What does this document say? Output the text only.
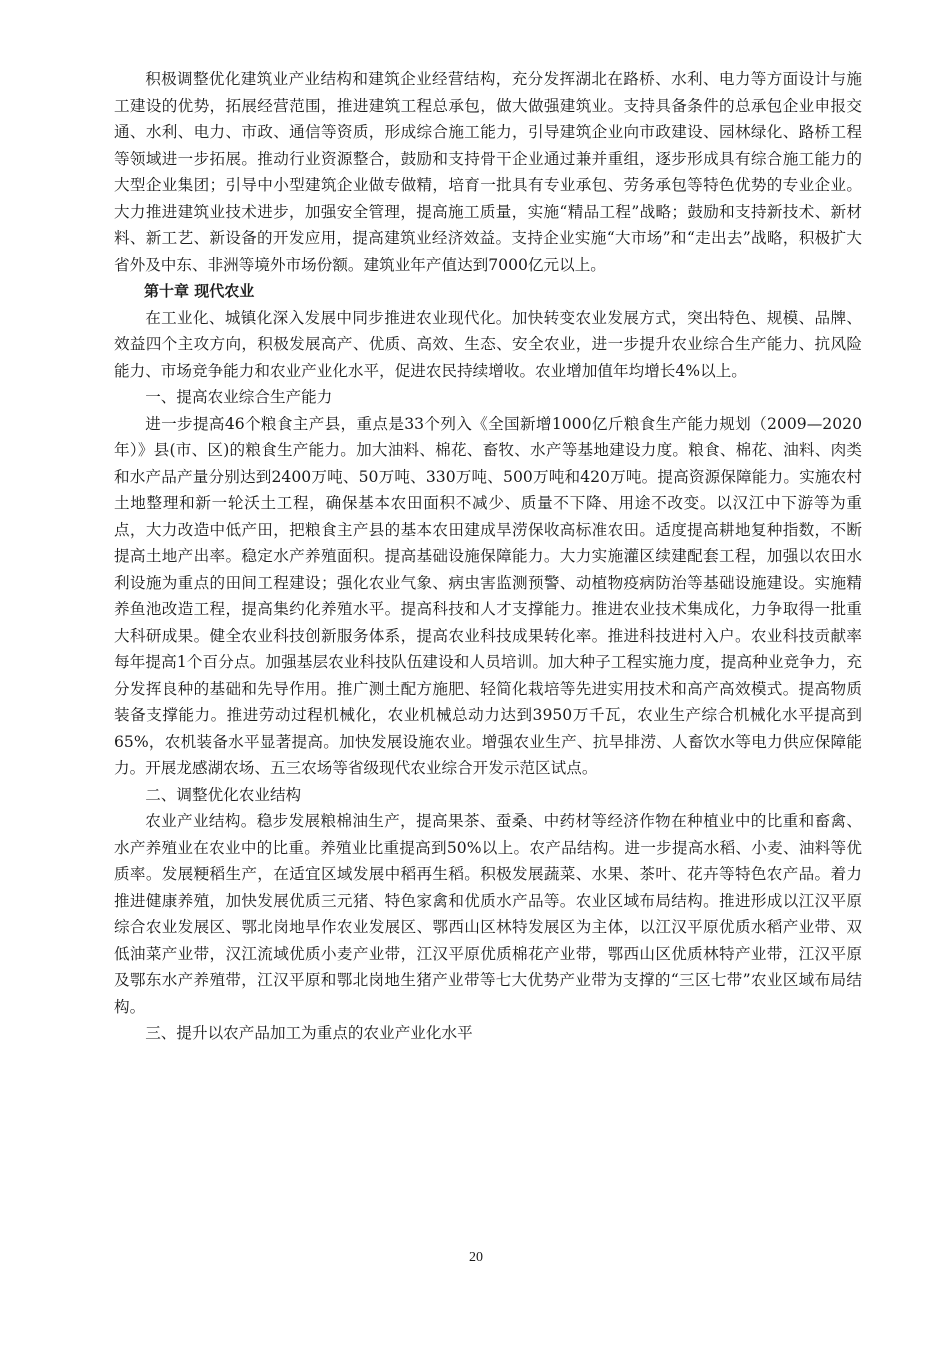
积极调整优化建筑业产业结构和建筑企业经营结构，充分发挥湖北在路桥、水利、电力等方面设计与施工建设的优势，拓展经营范围，推进建筑工程总承包，做大做强建筑业。支持具备条件的总承包企业申报交通、水利、电力、市政、通信等资质，形成综合施工能力，引导建筑企业向市政建设、园林绿化、路桥工程等领域进一步拓展。推动行业资源整合，鼓励和支持骨干企业通过兼并重组，逐步形成具有综合施工能力的大型企业集团；引导中小型建筑企业做专做精，培育一批具有专业承包、劳务承包等特色优势的专业企业。大力推进建筑业技术进步，加强安全管理，提高施工质量，实施“精品工程”战略；鼓励和支持新技术、新材料、新工艺、新设备的开发应用，提高建筑业经济效益。支持企业实施“大市场”和“走出去”战略，积极扩大省外及中东、非洲等境外市场份额。建筑业年产值达到7000亿元以上。

第十章 现代农业

在工业化、城镇化深入发展中同步推进农业现代化。加快转变农业发展方式，突出特色、规模、品牌、效益四个主攻方向，积极发展高产、优质、高效、生态、安全农业，进一步提升农业综合生产能力、抗风险能力、市场竞争能力和农业产业化水平，促进农民持续增收。农业增加值年均增长4%以上。

一、提高农业综合生产能力

进一步提高46个粮食主产县，重点是33个列入《全国新增1000亿斤粮食生产能力规划（2009—2020年）》县(市、区)的粮食生产能力。加大油料、棉花、畜牧、水产等基地建设力度。粮食、棉花、油料、肉类和水产品产量分别达到2400万吨、50万吨、330万吨、500万吨和420万吨。提高资源保障能力。实施农村土地整理和新一轮沃土工程，确保基本农田面积不减少、质量不下降、用途不改变。以汉江中下游等为重点，大力改造中低产田，把粮食主产县的基本农田建成旱涝保收高标准农田。适度提高耕地复种指数，不断提高土地产出率。稳定水产养殖面积。提高基础设施保障能力。大力实施灌区续建配套工程，加强以农田水利设施为重点的田间工程建设；强化农业气象、病虫害监测预警、动植物疫病防治等基础设施建设。实施精养鱼池改造工程，提高集约化养殖水平。提高科技和人才支撑能力。推进农业技术集成化，力争取得一批重大科研成果。健全农业科技创新服务体系，提高农业科技成果转化率。推进科技进村入户。农业科技贡献率每年提高1个百分点。加强基层农业科技队伍建设和人员培训。加大种子工程实施力度，提高种业竞争力，充分发挥良种的基础和先导作用。推广测土配方施肥、轻简化栽培等先进实用技术和高产高效模式。提高物质装备支撑能力。推进劳动过程机械化，农业机械总动力达到3950万千瓦，农业生产综合机械化水平提高到65%，农机装备水平显著提高。加快发展设施农业。增强农业生产、抗旱排涝、人畜饮水等电力供应保障能力。开展龙感湖农场、五三农场等省级现代农业综合开发示范区试点。

二、调整优化农业结构

农业产业结构。稳步发展粮棉油生产，提高果茶、蚕桑、中药材等经济作物在种植业中的比重和畜禽、水产养殖业在农业中的比重。养殖业比重提高到50%以上。农产品结构。进一步提高水稻、小麦、油料等优质率。发展粳稻生产，在适宜区域发展中稻再生稻。积极发展蔬菜、水果、茶叶、花卉等特色农产品。着力推进健康养殖，加快发展优质三元猪、特色家禽和优质水产品等。农业区域布局结构。推进形成以江汉平原综合农业发展区、鄂北岗地旱作农业发展区、鄂西山区林特发展区为主体，以江汉平原优质水稻产业带、双低油菜产业带，汉江流域优质小麦产业带，江汉平原优质棉花产业带，鄂西山区优质林特产业带，江汉平原及鄂东水产养殖带，江汉平原和鄂北岗地生猪产业带等七大优势产业带为支撑的“三区七带”农业区域布局结构。

三、提升以农产品加工为重点的农业产业化水平

20
